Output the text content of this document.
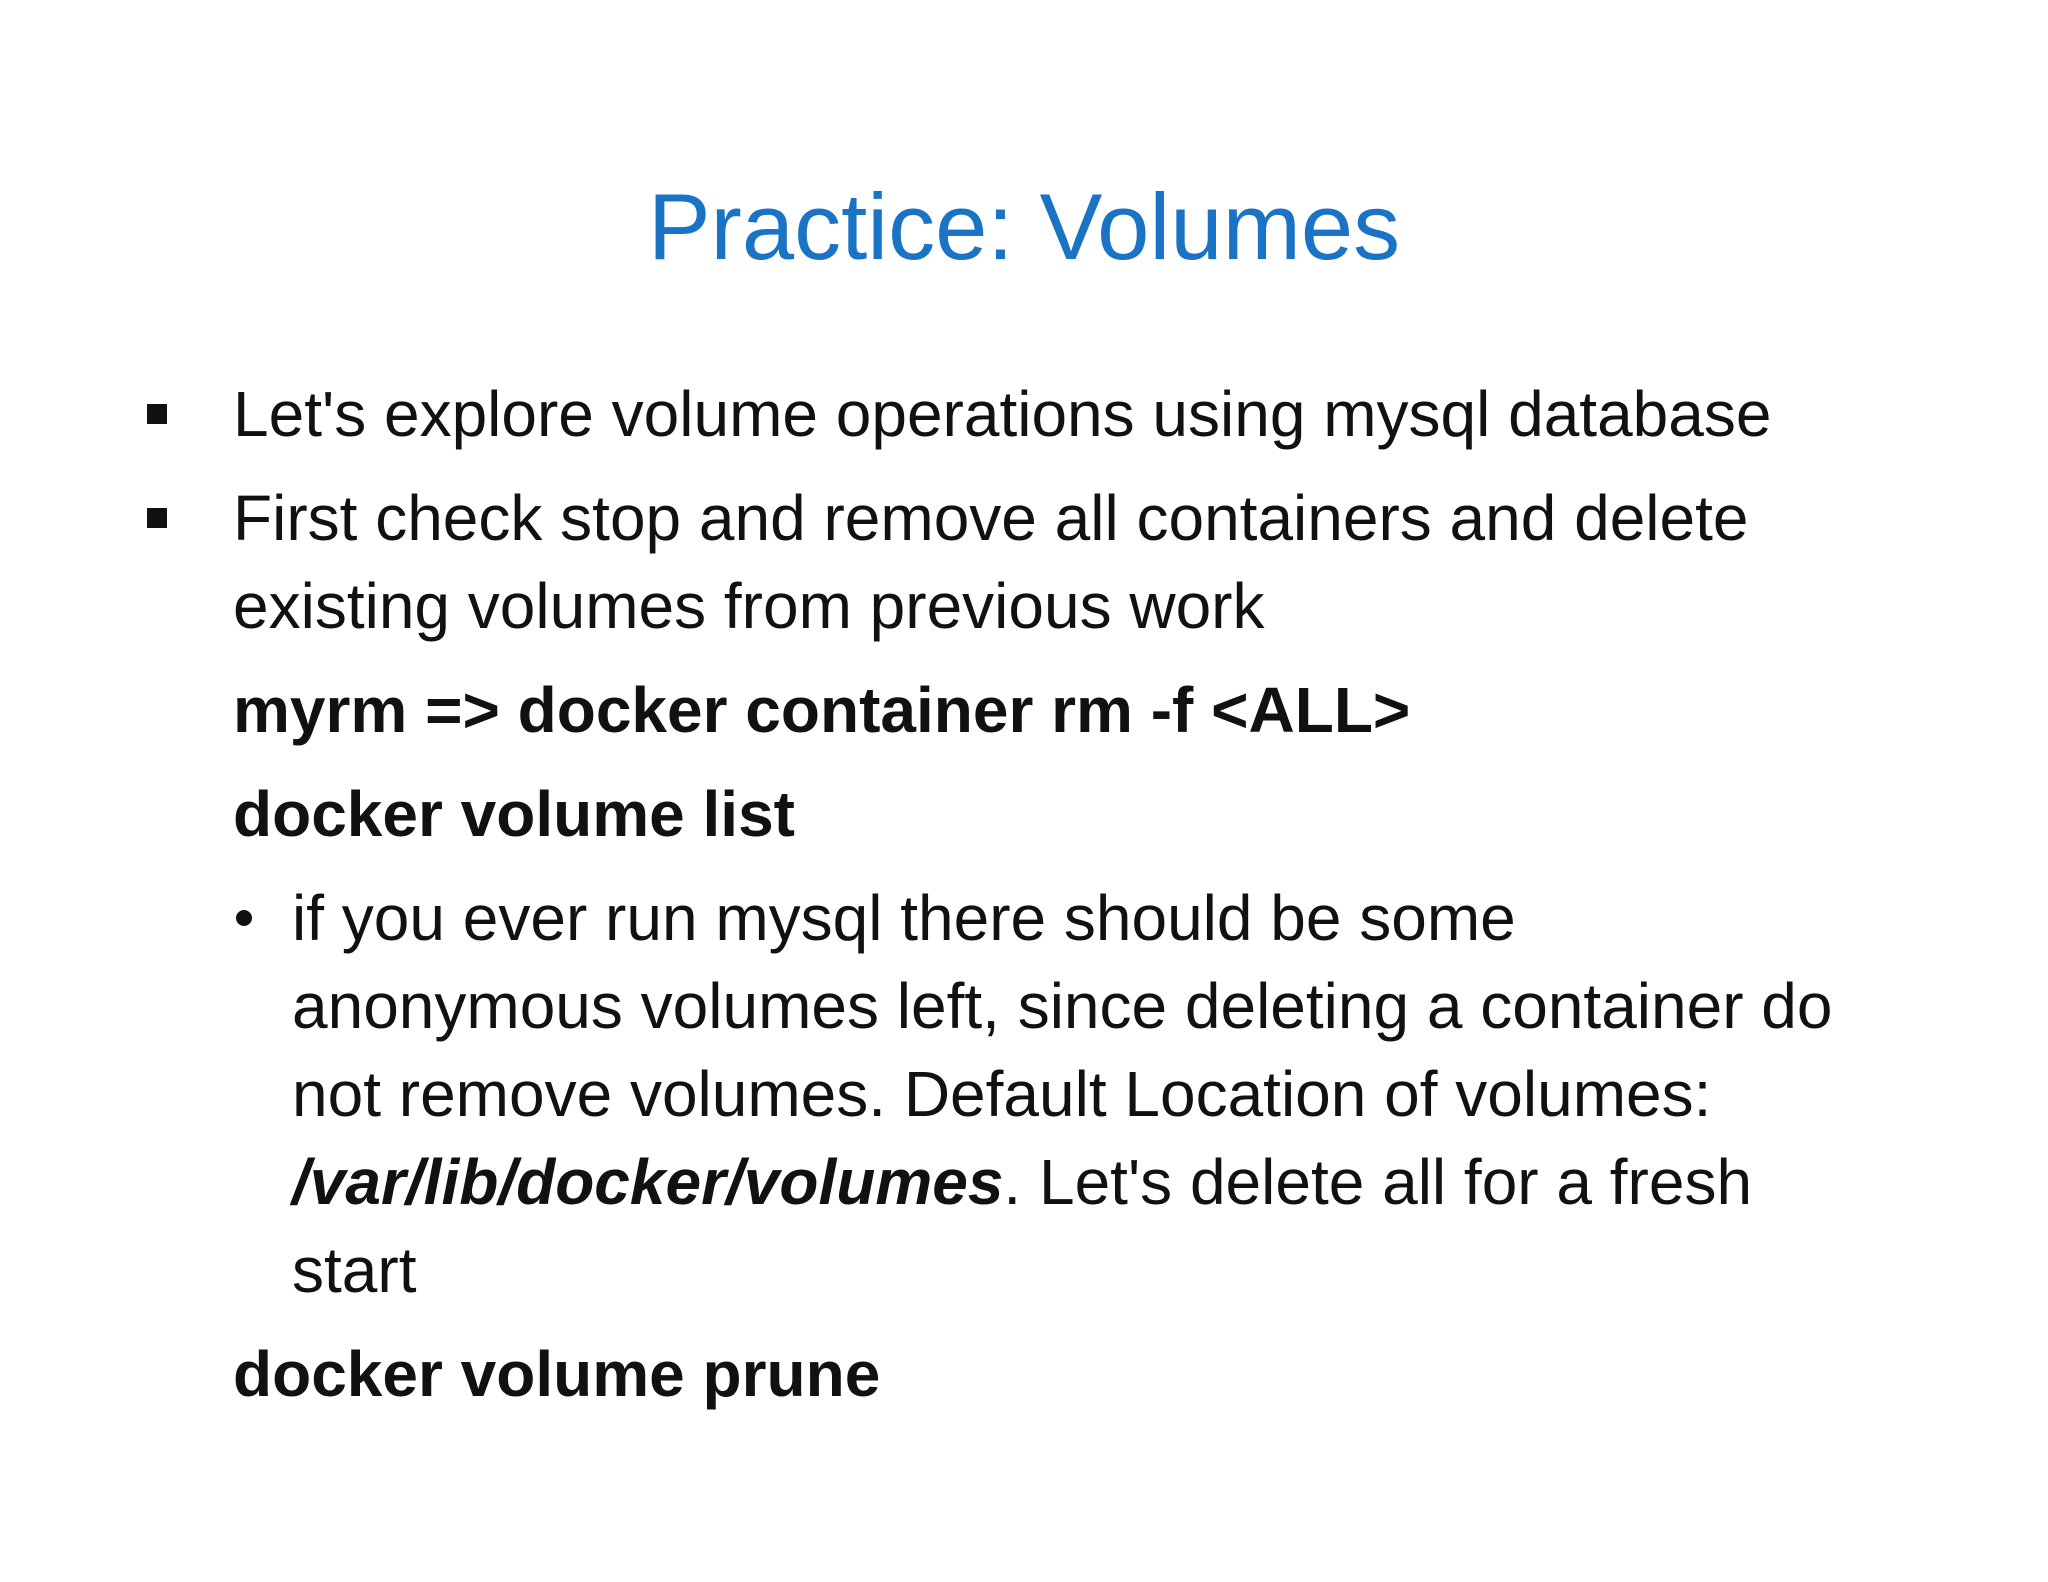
Practice: Volumes
Let's explore volume operations using mysql database
First check stop and remove all containers and delete
existing volumes from previous work
myrm => docker container rm -f <ALL>
docker volume list
if you ever run mysql there should be some
anonymous volumes left, since deleting a container do
not remove volumes. Default Location of volumes:
/var/lib/docker/volumes. Let's delete all for a fresh
start
docker volume prune
